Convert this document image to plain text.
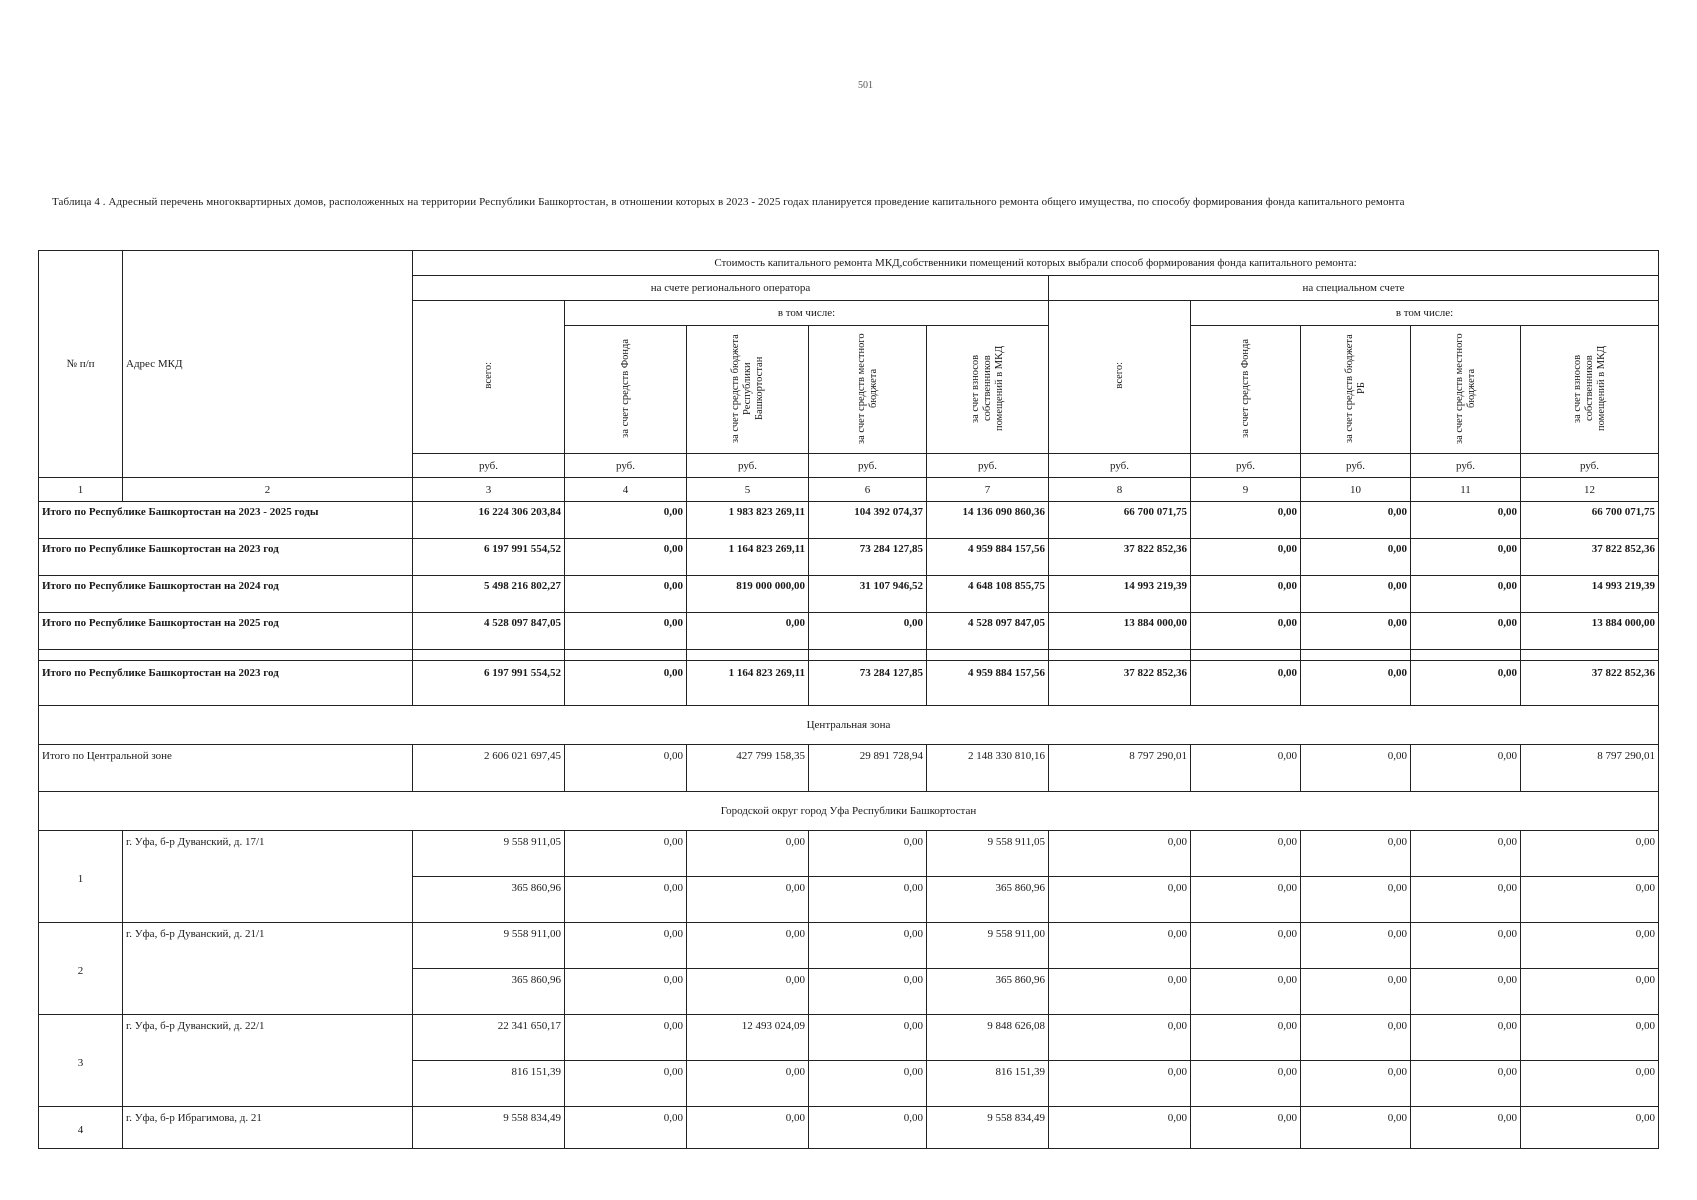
501
Таблица 4 . Адресный перечень многоквартирных домов, расположенных на территории Республики Башкортостан, в отношении которых в 2023 - 2025 годах планируется проведение капитального ремонта общего имущества, по способу формирования фонда капитального ремонта
№ п/п	Адрес МКД	Стоимость капитального ремонта МКД,собственники помещений которых выбрали способ формирования фонда капитального ремонта:									
		на счете регионального оператора					на специальном счете				
		всего:	в том числе:				всего:	в том числе:			
			за счет средств Фонда	за счет средств бюджета Республики Башкортостан	за счет средств местного бюджета	за счет взносов собственников помещений в МКД		за счет средств Фонда	за счет средств бюджета РБ	за счет средств местного бюджета	за счет взносов собственников помещений в МКД
		руб.	руб.	руб.	руб.	руб.	руб.	руб.	руб.	руб.	руб.
1	2	3	4	5	6	7	8	9	10	11	12
Итого по Республике Башкортостан на 2023 - 2025 годы		16 224 306 203,84	0,00	1 983 823 269,11	104 392 074,37	14 136 090 860,36	66 700 071,75	0,00	0,00	0,00	66 700 071,75
Итого по Республике Башкортостан на 2023 год		6 197 991 554,52	0,00	1 164 823 269,11	73 284 127,85	4 959 884 157,56	37 822 852,36	0,00	0,00	0,00	37 822 852,36
Итого по Республике Башкортостан на 2024 год		5 498 216 802,27	0,00	819 000 000,00	31 107 946,52	4 648 108 855,75	14 993 219,39	0,00	0,00	0,00	14 993 219,39
Итого по Республике Башкортостан на 2025 год		4 528 097 847,05	0,00	0,00	0,00	4 528 097 847,05	13 884 000,00	0,00	0,00	0,00	13 884 000,00

Итого по Республике Башкортостан на 2023 год		6 197 991 554,52	0,00	1 164 823 269,11	73 284 127,85	4 959 884 157,56	37 822 852,36	0,00	0,00	0,00	37 822 852,36
Центральная зона											
Итого по Центральной зоне		2 606 021 697,45	0,00	427 799 158,35	29 891 728,94	2 148 330 810,16	8 797 290,01	0,00	0,00	0,00	8 797 290,01
Городской округ город Уфа Республики Башкортостан											
1	г. Уфа, б-р Дуванский, д. 17/1	9 558 911,05	0,00	0,00	0,00	9 558 911,05	0,00	0,00	0,00	0,00	0,00
		365 860,96	0,00	0,00	0,00	365 860,96	0,00	0,00	0,00	0,00	0,00
2	г. Уфа, б-р Дуванский, д. 21/1	9 558 911,00	0,00	0,00	0,00	9 558 911,00	0,00	0,00	0,00	0,00	0,00
		365 860,96	0,00	0,00	0,00	365 860,96	0,00	0,00	0,00	0,00	0,00
3	г. Уфа, б-р Дуванский, д. 22/1	22 341 650,17	0,00	12 493 024,09	0,00	9 848 626,08	0,00	0,00	0,00	0,00	0,00
		816 151,39	0,00	0,00	0,00	816 151,39	0,00	0,00	0,00	0,00	0,00
4	г. Уфа, б-р Ибрагимова, д. 21	9 558 834,49	0,00	0,00	0,00	9 558 834,49	0,00	0,00	0,00	0,00	0,00
